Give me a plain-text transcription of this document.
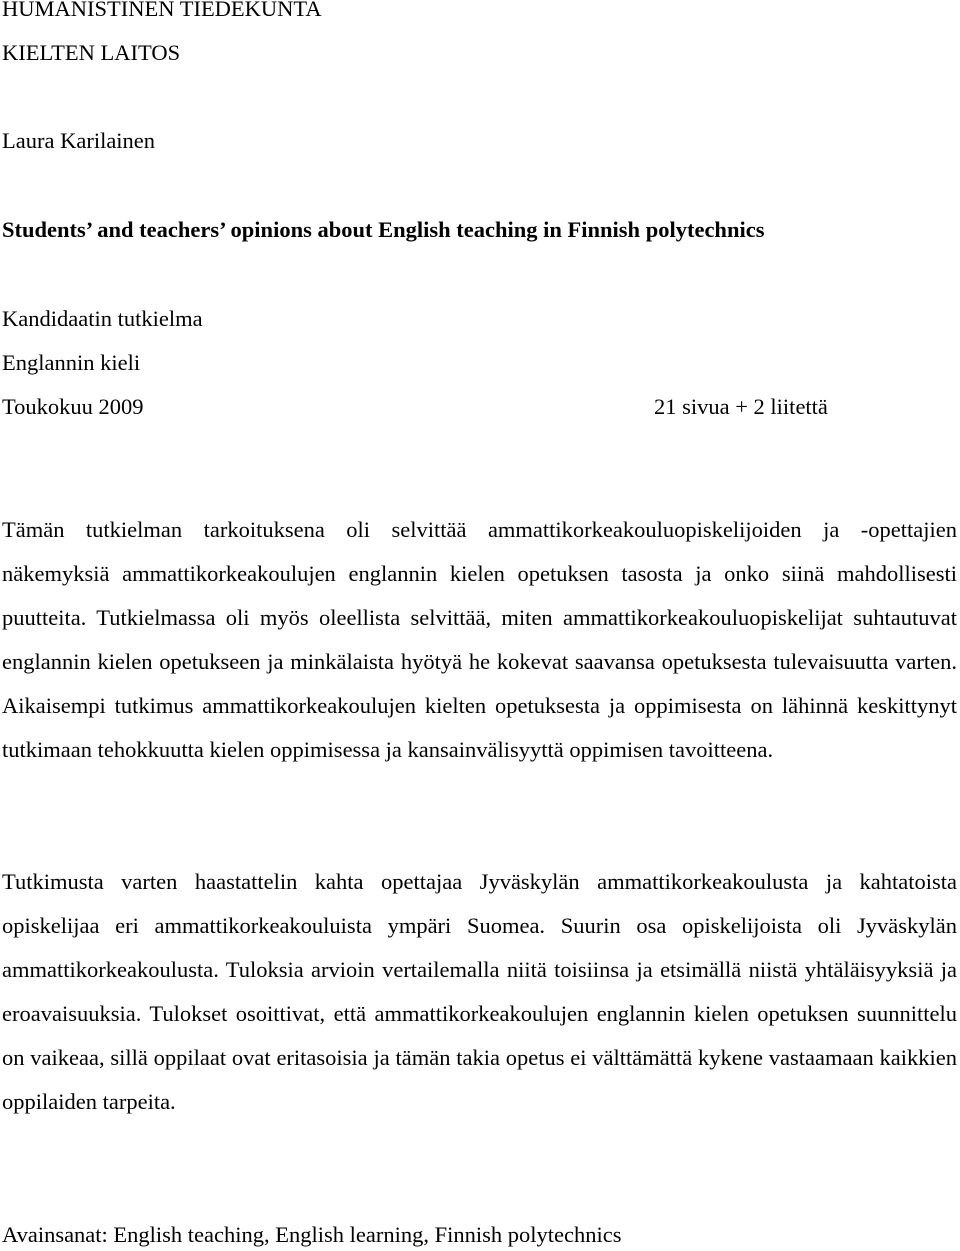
HUMANISTINEN TIEDEKUNTA
KIELTEN LAITOS
Laura Karilainen
Students’ and teachers’ opinions about English teaching in Finnish polytechnics
Kandidaatin tutkielma
Englannin kieli
Toukokuu 2009	21 sivua + 2 liitettä
Tämän tutkielman tarkoituksena oli selvittää ammattikorkeakouluopiskelijoiden ja -opettajien näkemyksiä ammattikorkeakoulujen englannin kielen opetuksen tasosta ja onko siinä mahdollisesti puutteita. Tutkielmassa oli myös oleellista selvittää, miten ammattikorkeakouluopiskelijat suhtautuvat englannin kielen opetukseen ja minkälaista hyötyä he kokevat saavansa opetuksesta tulevaisuutta varten. Aikaisempi tutkimus ammattikorkeakoulujen kielten opetuksesta ja oppimisesta on lähinnä keskittynyt tutkimaan tehokkuutta kielen oppimisessa ja kansainvälisyyttä oppimisen tavoitteena.
Tutkimusta varten haastattelin kahta opettajaa Jyväskylän ammattikorkeakoulusta ja kahtatoista opiskelijaa eri ammattikorkeakouluista ympäri Suomea. Suurin osa opiskelijoista oli Jyväskylän ammattikorkeakoulusta. Tuloksia arvioin vertailemalla niitä toisiinsa ja etsimällä niistä yhtäläisyyksiä ja eroavaisuuksia. Tulokset osoittivat, että ammattikorkeakoulujen englannin kielen opetuksen suunnittelu on vaikeaa, sillä oppilaat ovat eritasoisia ja tämän takia opetus ei välttämättä kykene vastaamaan kaikkien oppilaiden tarpeita.
Avainsanat: English teaching, English learning, Finnish polytechnics
